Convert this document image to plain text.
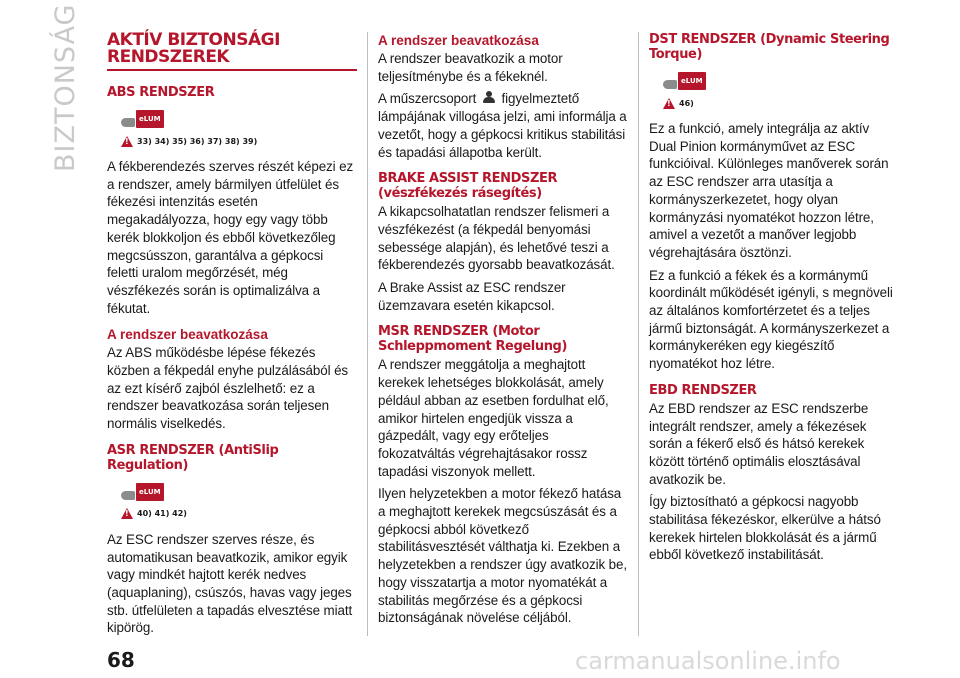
BIZTONSÁG AKTÍV BIZTONSÁGI
RENDSZEREK
ABS RENDSZER
eLUM
!
33) 34) 35) 36) 37) 38) 39)

A fékberendezés szerves részét képezi ez a rendszer, amely bármilyen útfelület és fékezési intenzitás esetén megakadályozza, hogy egy vagy több kerék blokkoljon és ebből következőleg megcsússzon, garantálva a gépkocsi feletti uralom megőrzését, még vészfékezés során is optimalizálva a fékutat.

A rendszer beavatkozása

Az ABS működésbe lépése fékezés közben a fékpedál enyhe pulzálásából és az ezt kísérő zajból észlelhető: ez a rendszer beavatkozása során teljesen normális viselkedés.

ASR RENDSZER (AntiSlip Regulation)
eLUM
!
40) 41) 42)

Az ESC rendszer szerves része, és automatikusan beavatkozik, amikor egyik vagy mindkét hajtott kerék nedves (aquaplaning), csúszós, havas vagy jeges stb. útfelületen a tapadás elvesztése miatt kipörög.

A rendszer beavatkozása

A rendszer beavatkozik a motor teljesítménybe és a fékeknél.

A műszercsoport figyelmeztető lámpájának villogása jelzi, ami informálja a vezetőt, hogy a gépkocsi kritikus stabilitási és tapadási állapotba került.

BRAKE ASSIST RENDSZER
(vészfékezés rásegítés)

A kikapcsolhatatlan rendszer felismeri a vészfékezést (a fékpedál benyomási sebessége alapján), és lehetővé teszi a fékberendezés gyorsabb beavatkozását.

A Brake Assist az ESC rendszer üzemzavara esetén kikapcsol.

MSR RENDSZER (Motor
Schleppmoment Regelung)

A rendszer meggátolja a meghajtott kerekek lehetséges blokkolását, amely például abban az esetben fordulhat elő, amikor hirtelen engedjük vissza a gázpedált, vagy egy erőteljes fokozatváltás végrehajtásakor rossz tapadási viszonyok mellett.

Ilyen helyzetekben a motor fékező hatása a meghajtott kerekek megcsúszását és a gépkocsi abból következő stabilitásvesztését válthatja ki. Ezekben a helyzetekben a rendszer úgy avatkozik be, hogy visszatartja a motor nyomatékát a stabilitás megőrzése és a gépkocsi biztonságának növelése céljából.

DST RENDSZER (Dynamic Steering
Torque)
eLUM
!
46)

Ez a funkció, amely integrálja az aktív Dual Pinion kormányművet az ESC funkcióival. Különleges manőverek során az ESC rendszer arra utasítja a kormányszerkezetet, hogy olyan kormányzási nyomatékot hozzon létre, amivel a vezetőt a manőver legjobb végrehajtására ösztönzi.

Ez a funkció a fékek és a kormánymű koordinált működését igényli, s megnöveli az általános komfortérzetet és a teljes jármű biztonságát. A kormányszerkezet a kormánykeréken egy kiegészítő nyomatékot hoz létre.

EBD RENDSZER

Az EBD rendszer az ESC rendszerbe integrált rendszer, amely a fékezések során a fékerő első és hátsó kerekek között történő optimális elosztásával avatkozik be.

Így biztosítható a gépkocsi nagyobb stabilitása fékezéskor, elkerülve a hátsó kerekek hirtelen blokkolását és a jármű ebből következő instabilitását.

68	carmanualsonline.info
